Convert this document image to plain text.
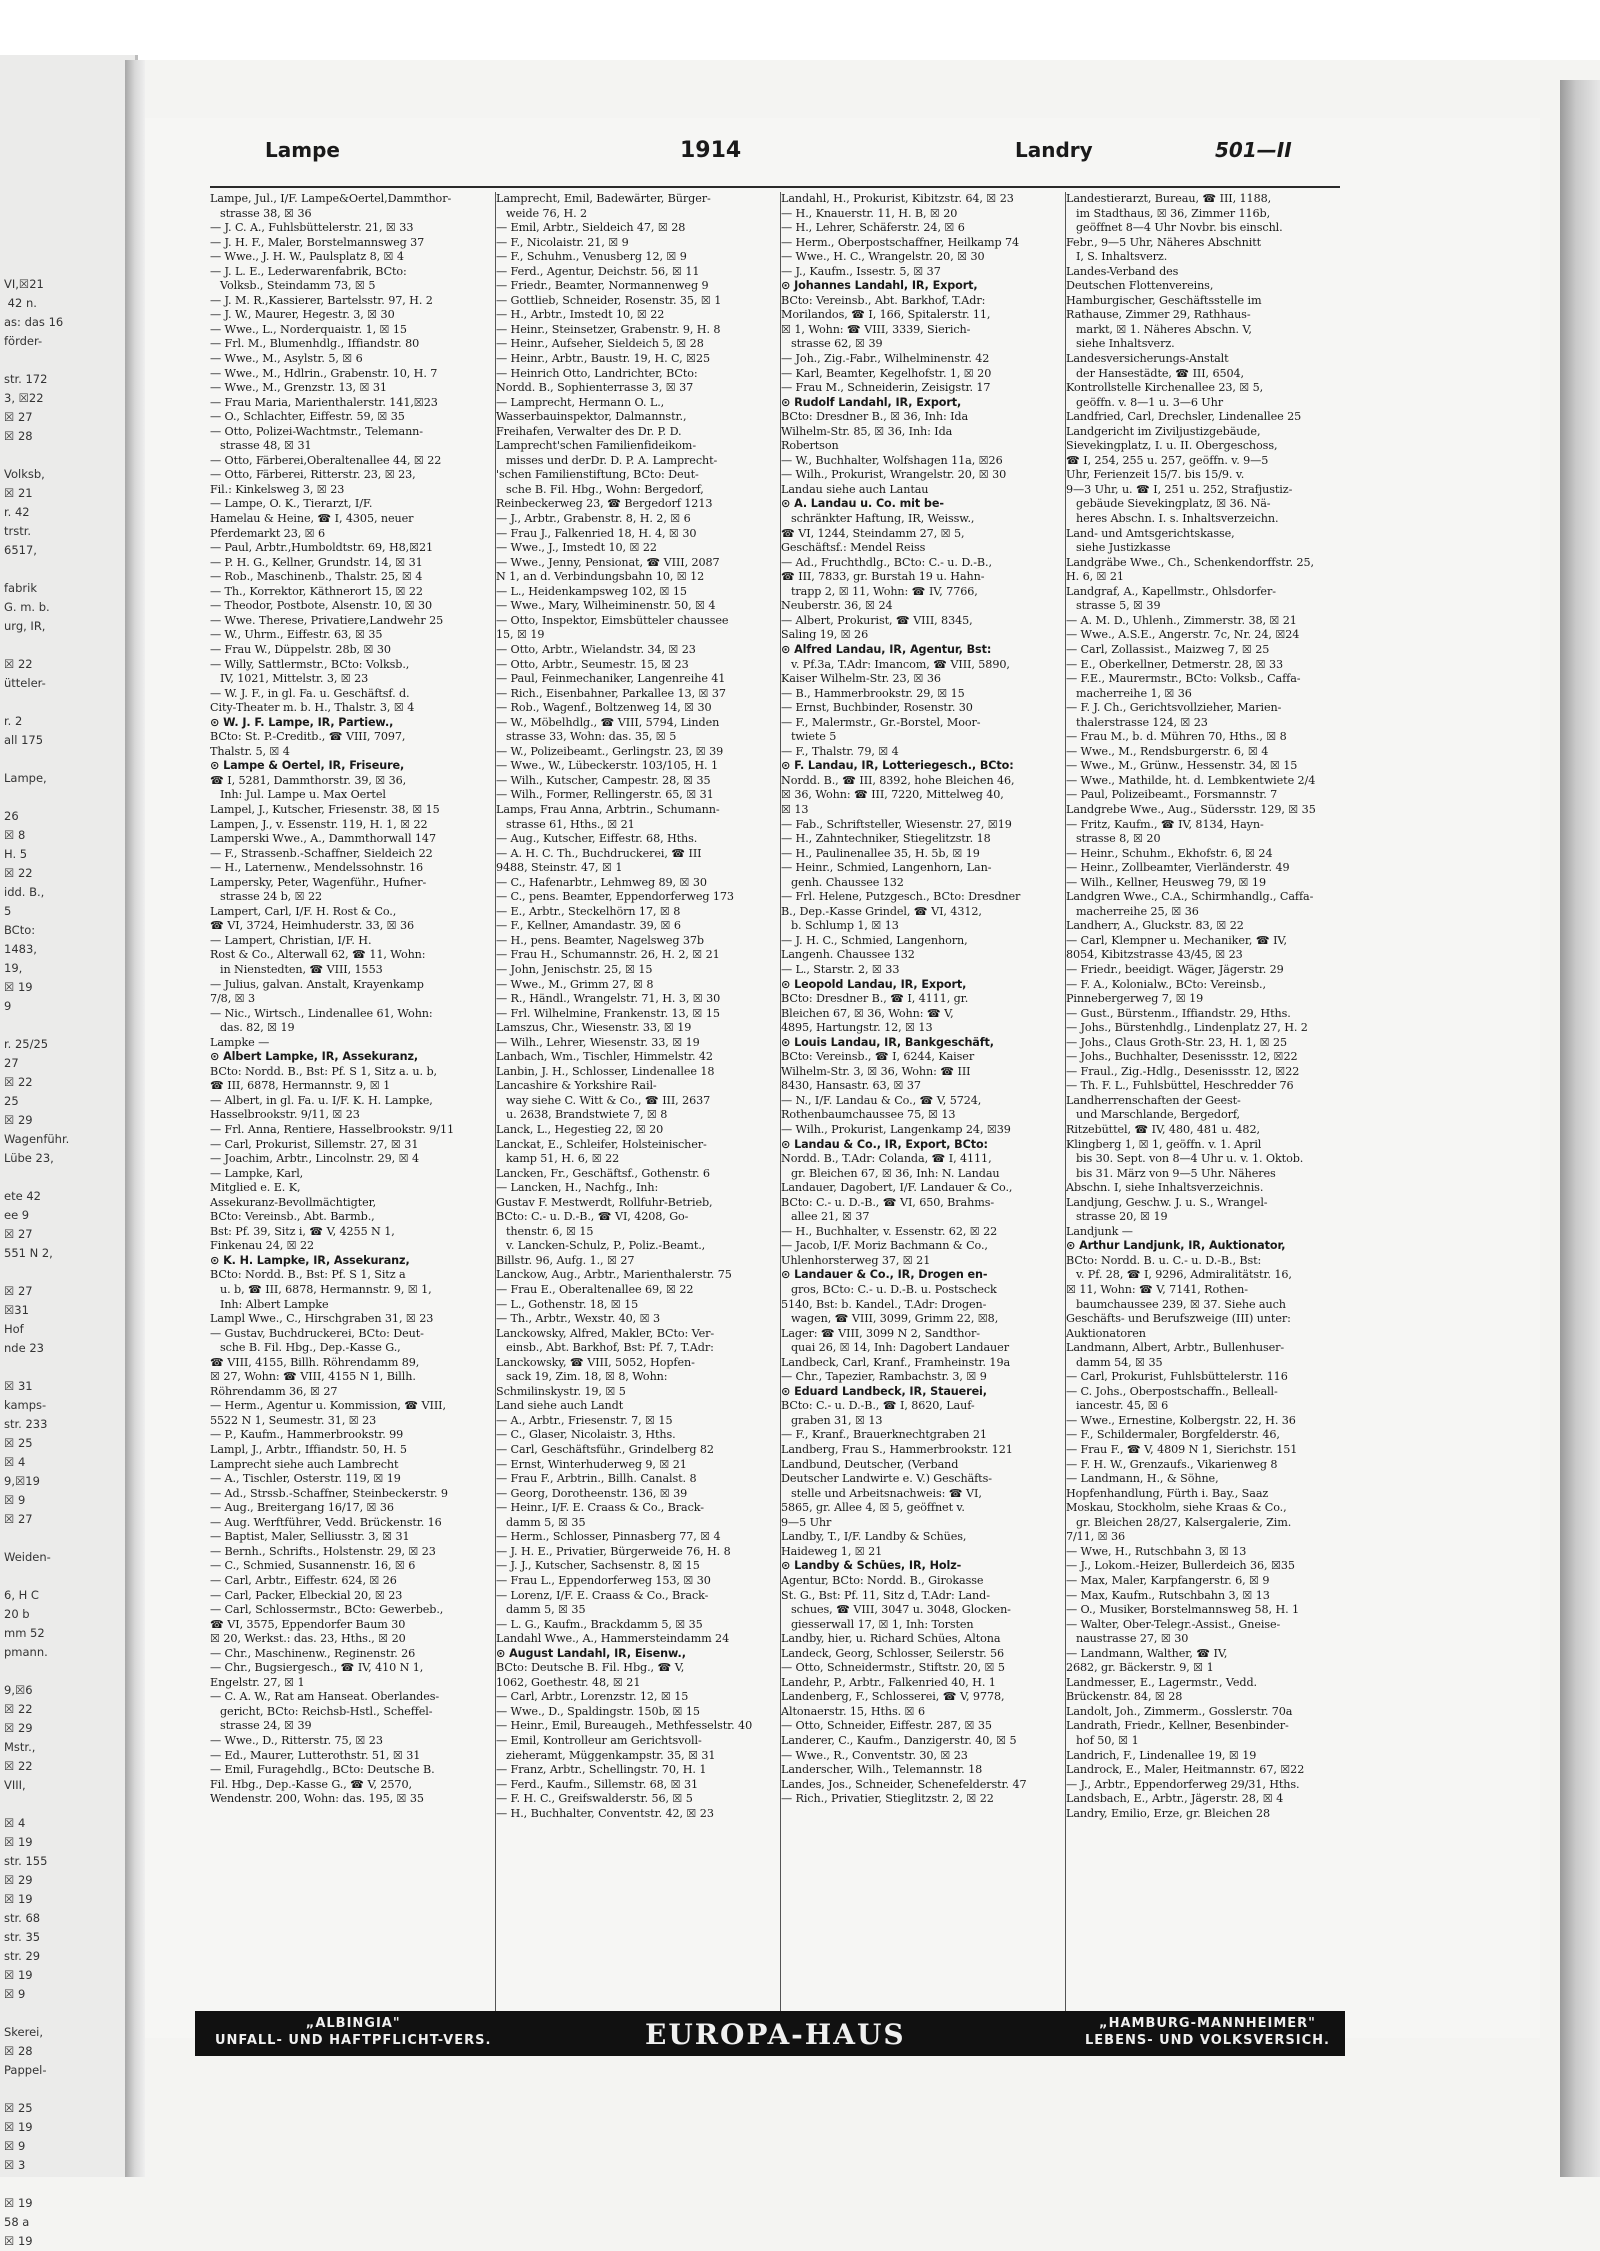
VI,☒21
42 n.
as: das 16
förder-

str. 172
3, ☒22
☒ 27
☒ 28

Volksb,
☒ 21
r. 42
trstr.
6517,

fabrik
G. m. b.
urg, IR,

☒ 22
ütteler-

r. 2
all 175

Lampe,

26
☒ 8
H. 5
☒ 22
idd. B.,
5
BCto:
1483,
19,
☒ 19
9

r. 25/25
27
☒ 22
25
☒ 29
Wagenführ.
Lübe 23,

ete 42
ee 9
☒ 27
551 N 2,

☒ 27
☒31
Hof
nde 23

☒ 31
kamps-
str. 233
☒ 25
☒ 4
9,☒19
☒ 9
☒ 27

Weiden-

6, H C
20 b
mm 52
pmann.

9,☒6
☒ 22
☒ 29
Mstr.,
☒ 22
VIII,

☒ 4
☒ 19
str. 155
☒ 29
☒ 19
str. 68
str. 35
str. 29
☒ 19
☒ 9

Skerei,
☒ 28
Pappel-

☒ 25
☒ 19
☒ 9
☒ 3

☒ 19
58 a
☒ 19
Lampe	1914	Landry	501—II
Lampe, Jul., I/F. Lampe&Oertel,Dammthor-
strasse 38, ☒ 36
— J. C. A., Fuhlsbüttelerstr. 21, ☒ 33
— J. H. F., Maler, Borstelmannsweg 37
— Wwe., J. H. W., Paulsplatz 8, ☒ 4
— J. L. E., Lederwarenfabrik, BCto:
Volksb., Steindamm 73, ☒ 5
— J. M. R.,Kassierer, Bartelsstr. 97, H. 2
— J. W., Maurer, Hegestr. 3, ☒ 30
— Wwe., L., Norderquaistr. 1, ☒ 15
— Frl. M., Blumenhdlg., Iffiandstr. 80
— Wwe., M., Asylstr. 5, ☒ 6
— Wwe., M., Hdlrin., Grabenstr. 10, H. 7
— Wwe., M., Grenzstr. 13, ☒ 31
— Frau Maria, Marienthalerstr. 141,☒23
— O., Schlachter, Eiffestr. 59, ☒ 35
— Otto, Polizei-Wachtmstr., Telemann-
strasse 48, ☒ 31
— Otto, Färberei,Oberaltenallee 44, ☒ 22
— Otto, Färberei, Ritterstr. 23, ☒ 23,
Fil.: Kinkelsweg 3, ☒ 23
— Lampe, O. K., Tierarzt, I/F.
Hamelau & Heine, ☎ I, 4305, neuer
Pferdemarkt 23, ☒ 6
— Paul, Arbtr.,Humboldtstr. 69, H8,☒21
— P. H. G., Kellner, Grundstr. 14, ☒ 31
— Rob., Maschinenb., Thalstr. 25, ☒ 4
— Th., Korrektor, Käthnerort 15, ☒ 22
— Theodor, Postbote, Alsenstr. 10, ☒ 30
— Wwe. Therese, Privatiere,Landwehr 25
— W., Uhrm., Eiffestr. 63, ☒ 35
— Frau W., Düppelstr. 28b, ☒ 30
— Willy, Sattlermstr., BCto: Volksb.,
IV, 1021, Mittelstr. 3, ☒ 23
— W. J. F., in gl. Fa. u. Geschäftsf. d.
City-Theater m. b. H., Thalstr. 3, ☒ 4
⊙ W. J. F. Lampe, IR, Partiew.,
BCto: St. P.-Creditb., ☎ VIII, 7097,
Thalstr. 5, ☒ 4
⊙ Lampe & Oertel, IR, Friseure,
☎ I, 5281, Dammthorstr. 39, ☒ 36,
Inh: Jul. Lampe u. Max Oertel
Lampel, J., Kutscher, Friesenstr. 38, ☒ 15
Lampen, J., v. Essenstr. 119, H. 1, ☒ 22
Lamperski Wwe., A., Dammthorwall 147
— F., Strassenb.-Schaffner, Sieldeich 22
— H., Laternenw., Mendelssohnstr. 16
Lampersky, Peter, Wagenführ., Hufner-
strasse 24 b, ☒ 22
Lampert, Carl, I/F. H. Rost & Co.,
☎ VI, 3724, Heimhuderstr. 33, ☒ 36
— Lampert, Christian, I/F. H.
Rost & Co., Alterwall 62, ☎ 11, Wohn:
in Nienstedten, ☎ VIII, 1553
— Julius, galvan. Anstalt, Krayenkamp
7/8, ☒ 3
— Nic., Wirtsch., Lindenallee 61, Wohn:
das. 82, ☒ 19
Lampke —
⊙ Albert Lampke, IR, Assekuranz,
BCto: Nordd. B., Bst: Pf. S 1, Sitz a. u. b,
☎ III, 6878, Hermannstr. 9, ☒ 1
— Albert, in gl. Fa. u. I/F. K. H. Lampke,
Hasselbrookstr. 9/11, ☒ 23
— Frl. Anna, Rentiere, Hasselbrookstr. 9/11
— Carl, Prokurist, Sillemstr. 27, ☒ 31
— Joachim, Arbtr., Lincolnstr. 29, ☒ 4
— Lampke, Karl,
Mitglied e. E. K,
Assekuranz-Bevollmächtigter,
BCto: Vereinsb., Abt. Barmb.,
Bst: Pf. 39, Sitz i, ☎ V, 4255 N 1,
Finkenau 24, ☒ 22
⊙ K. H. Lampke, IR, Assekuranz,
BCto: Nordd. B., Bst: Pf. S 1, Sitz a
u. b, ☎ III, 6878, Hermannstr. 9, ☒ 1,
Inh: Albert Lampke
Lampl Wwe., C., Hirschgraben 31, ☒ 23
— Gustav, Buchdruckerei, BCto: Deut-
sche B. Fil. Hbg., Dep.-Kasse G.,
☎ VIII, 4155, Billh. Röhrendamm 89,
☒ 27, Wohn: ☎ VIII, 4155 N 1, Billh.
Röhrendamm 36, ☒ 27
— Herm., Agentur u. Kommission, ☎ VIII,
5522 N 1, Seumestr. 31, ☒ 23
— P., Kaufm., Hammerbrookstr. 99
Lampl, J., Arbtr., Iffiandstr. 50, H. 5
Lamprecht siehe auch Lambrecht
— A., Tischler, Osterstr. 119, ☒ 19
— Ad., Strssb.-Schaffner, Steinbeckerstr. 9
— Aug., Breitergang 16/17, ☒ 36
— Aug. Werftführer, Vedd. Brückenstr. 16
— Baptist, Maler, Selliusstr. 3, ☒ 31
— Bernh., Schrifts., Holstenstr. 29, ☒ 23
— C., Schmied, Susannenstr. 16, ☒ 6
— Carl, Arbtr., Eiffestr. 624, ☒ 26
— Carl, Packer, Elbeckial 20, ☒ 23
— Carl, Schlossermstr., BCto: Gewerbeb.,
☎ VI, 3575, Eppendorfer Baum 30
☒ 20, Werkst.: das. 23, Hths., ☒ 20
— Chr., Maschinenw., Reginenstr. 26
— Chr., Bugsiergesch., ☎ IV, 410 N 1,
Engelstr. 27, ☒ 1
— C. A. W., Rat am Hanseat. Oberlandes-
gericht, BCto: Reichsb-Hstl., Scheffel-
strasse 24, ☒ 39
— Wwe., D., Ritterstr. 75, ☒ 23
— Ed., Maurer, Lutterothstr. 51, ☒ 31
— Emil, Furagehdlg., BCto: Deutsche B.
Fil. Hbg., Dep.-Kasse G., ☎ V, 2570,
Wendenstr. 200, Wohn: das. 195, ☒ 35
Lamprecht, Emil, Badewärter, Bürger-
weide 76, H. 2
— Emil, Arbtr., Sieldeich 47, ☒ 28
— F., Nicolaistr. 21, ☒ 9
— F., Schuhm., Venusberg 12, ☒ 9
— Ferd., Agentur, Deichstr. 56, ☒ 11
— Friedr., Beamter, Normannenweg 9
— Gottlieb, Schneider, Rosenstr. 35, ☒ 1
— H., Arbtr., Imstedt 10, ☒ 22
— Heinr., Steinsetzer, Grabenstr. 9, H. 8
— Heinr., Aufseher, Sieldeich 5, ☒ 28
— Heinr., Arbtr., Baustr. 19, H. C, ☒25
— Heinrich Otto, Landrichter, BCto:
Nordd. B., Sophienterrasse 3, ☒ 37
— Lamprecht, Hermann O. L.,
Wasserbauinspektor, Dalmannstr.,
Freihafen, Verwalter des Dr. P. D.
Lamprecht'schen Familienfideikom-
misses und derDr. D. P. A. Lamprecht-
'schen Familienstiftung, BCto: Deut-
sche B. Fil. Hbg., Wohn: Bergedorf,
Reinbeckerweg 23, ☎ Bergedorf 1213
— J., Arbtr., Grabenstr. 8, H. 2, ☒ 6
— Frau J., Falkenried 18, H. 4, ☒ 30
— Wwe., J., Imstedt 10, ☒ 22
— Wwe., Jenny, Pensionat, ☎ VIII, 2087
N 1, an d. Verbindungsbahn 10, ☒ 12
— L., Heidenkampsweg 102, ☒ 15
— Wwe., Mary, Wilheiminenstr. 50, ☒ 4
— Otto, Inspektor, Eimsbütteler chaussee
15, ☒ 19
— Otto, Arbtr., Wielandstr. 34, ☒ 23
— Otto, Arbtr., Seumestr. 15, ☒ 23
— Paul, Feinmechaniker, Langenreihe 41
— Rich., Eisenbahner, Parkallee 13, ☒ 37
— Rob., Wagenf., Boltzenweg 14, ☒ 30
— W., Möbelhdlg., ☎ VIII, 5794, Linden
strasse 33, Wohn: das. 35, ☒ 5
— W., Polizeibeamt., Gerlingstr. 23, ☒ 39
— Wwe., W., Lübeckerstr. 103/105, H. 1
— Wilh., Kutscher, Campestr. 28, ☒ 35
— Wilh., Former, Rellingerstr. 65, ☒ 31
Lamps, Frau Anna, Arbtrin., Schumann-
strasse 61, Hths., ☒ 21
— Aug., Kutscher, Eiffestr. 68, Hths.
— A. H. C. Th., Buchdruckerei, ☎ III
9488, Steinstr. 47, ☒ 1
— C., Hafenarbtr., Lehmweg 89, ☒ 30
— C., pens. Beamter, Eppendorferweg 173
— E., Arbtr., Steckelhörn 17, ☒ 8
— F., Kellner, Amandastr. 39, ☒ 6
— H., pens. Beamter, Nagelsweg 37b
— Frau H., Schumannstr. 26, H. 2, ☒ 21
— John, Jenischstr. 25, ☒ 15
— Wwe., M., Grimm 27, ☒ 8
— R., Händl., Wrangelstr. 71, H. 3, ☒ 30
— Frl. Wilhelmine, Frankenstr. 13, ☒ 15
Lamszus, Chr., Wiesenstr. 33, ☒ 19
— Wilh., Lehrer, Wiesenstr. 33, ☒ 19
Lanbach, Wm., Tischler, Himmelstr. 42
Lanbin, J. H., Schlosser, Lindenallee 18
Lancashire & Yorkshire Rail-
way siehe C. Witt & Co., ☎ III, 2637
u. 2638, Brandstwiete 7, ☒ 8
Lanck, L., Hegestieg 22, ☒ 20
Lanckat, E., Schleifer, Holsteinischer-
kamp 51, H. 6, ☒ 22
Lancken, Fr., Geschäftsf., Gothenstr. 6
— Lancken, H., Nachfg., Inh:
Gustav F. Mestwerdt, Rollfuhr-Betrieb,
BCto: C.- u. D.-B., ☎ VI, 4208, Go-
thenstr. 6, ☒ 15
v. Lancken-Schulz, P., Poliz.-Beamt.,
Billstr. 96, Aufg. 1., ☒ 27
Lanckow, Aug., Arbtr., Marienthalerstr. 75
— Frau E., Oberaltenallee 69, ☒ 22
— L., Gothenstr. 18, ☒ 15
— Th., Arbtr., Wexstr. 40, ☒ 3
Lanckowsky, Alfred, Makler, BCto: Ver-
einsb., Abt. Barkhof, Bst: Pf. 7, T.Adr:
Lanckowsky, ☎ VIII, 5052, Hopfen-
sack 19, Zim. 18, ☒ 8, Wohn:
Schmilinskystr. 19, ☒ 5
Land siehe auch Landt
— A., Arbtr., Friesenstr. 7, ☒ 15
— C., Glaser, Nicolaistr. 3, Hths.
— Carl, Geschäftsführ., Grindelberg 82
— Ernst, Winterhuderweg 9, ☒ 21
— Frau F., Arbtrin., Billh. Canalst. 8
— Georg, Dorotheenstr. 136, ☒ 39
— Heinr., I/F. E. Craass & Co., Brack-
damm 5, ☒ 35
— Herm., Schlosser, Pinnasberg 77, ☒ 4
— J. H. E., Privatier, Bürgerweide 76, H. 8
— J. J., Kutscher, Sachsenstr. 8, ☒ 15
— Frau L., Eppendorferweg 153, ☒ 30
— Lorenz, I/F. E. Craass & Co., Brack-
damm 5, ☒ 35
— L. G., Kaufm., Brackdamm 5, ☒ 35
Landahl Wwe., A., Hammersteindamm 24
⊙ August Landahl, IR, Eisenw.,
BCto: Deutsche B. Fil. Hbg., ☎ V,
1062, Goethestr. 48, ☒ 21
— Carl, Arbtr., Lorenzstr. 12, ☒ 15
— Wwe., D., Spaldingstr. 150b, ☒ 15
— Heinr., Emil, Bureaugeh., Methfesselstr. 40
— Emil, Kontrolleur am Gerichtsvoll-
zieheramt, Müggenkampstr. 35, ☒ 31
— Franz, Arbtr., Schellingstr. 70, H. 1
— Ferd., Kaufm., Sillemstr. 68, ☒ 31
— F. H. C., Greifswalderstr. 56, ☒ 5
— H., Buchhalter, Conventstr. 42, ☒ 23
Landahl, H., Prokurist, Kibitzstr. 64, ☒ 23
— H., Knauerstr. 11, H. B, ☒ 20
— H., Lehrer, Schäferstr. 24, ☒ 6
— Herm., Oberpostschaffner, Heilkamp 74
— Wwe., H. C., Wrangelstr. 20, ☒ 30
— J., Kaufm., Issestr. 5, ☒ 37
⊙ Johannes Landahl, IR, Export,
BCto: Vereinsb., Abt. Barkhof, T.Adr:
Morilandos, ☎ I, 166, Spitalerstr. 11,
☒ 1, Wohn: ☎ VIII, 3339, Sierich-
strasse 62, ☒ 39
— Joh., Zig.-Fabr., Wilhelminenstr. 42
— Karl, Beamter, Kegelhofstr. 1, ☒ 20
— Frau M., Schneiderin, Zeisigstr. 17
⊙ Rudolf Landahl, IR, Export,
BCto: Dresdner B., ☒ 36, Inh: Ida
Wilhelm-Str. 85, ☒ 36, Inh: Ida
Robertson
— W., Buchhalter, Wolfshagen 11a, ☒26
— Wilh., Prokurist, Wrangelstr. 20, ☒ 30
Landau siehe auch Lantau
⊙ A. Landau u. Co. mit be-
schränkter Haftung, IR, Weissw.,
☎ VI, 1244, Steindamm 27, ☒ 5,
Geschäftsf.: Mendel Reiss
— Ad., Fruchthdlg., BCto: C.- u. D.-B.,
☎ III, 7833, gr. Burstah 19 u. Hahn-
trapp 2, ☒ 11, Wohn: ☎ IV, 7766,
Neuberstr. 36, ☒ 24
— Albert, Prokurist, ☎ VIII, 8345,
Saling 19, ☒ 26
⊙ Alfred Landau, IR, Agentur, Bst:
v. Pf.3a, T.Adr: Imancom, ☎ VIII, 5890,
Kaiser Wilhelm-Str. 23, ☒ 36
— B., Hammerbrookstr. 29, ☒ 15
— Ernst, Buchbinder, Rosenstr. 30
— F., Malermstr., Gr.-Borstel, Moor-
twiete 5
— F., Thalstr. 79, ☒ 4
⊙ F. Landau, IR, Lotteriegesch., BCto:
Nordd. B., ☎ III, 8392, hohe Bleichen 46,
☒ 36, Wohn: ☎ III, 7220, Mittelweg 40,
☒ 13
— Fab., Schriftsteller, Wiesenstr. 27, ☒19
— H., Zahntechniker, Stiegelitzstr. 18
— H., Paulinenallee 35, H. 5b, ☒ 19
— Heinr., Schmied, Langenhorn, Lan-
genh. Chaussee 132
— Frl. Helene, Putzgesch., BCto: Dresdner
B., Dep.-Kasse Grindel, ☎ VI, 4312,
b. Schlump 1, ☒ 13
— J. H. C., Schmied, Langenhorn,
Langenh. Chaussee 132
— L., Starstr. 2, ☒ 33
⊙ Leopold Landau, IR, Export,
BCto: Dresdner B., ☎ I, 4111, gr.
Bleichen 67, ☒ 36, Wohn: ☎ V,
4895, Hartungstr. 12, ☒ 13
⊙ Louis Landau, IR, Bankgeschäft,
BCto: Vereinsb., ☎ I, 6244, Kaiser
Wilhelm-Str. 3, ☒ 36, Wohn: ☎ III
8430, Hansastr. 63, ☒ 37
— N., I/F. Landau & Co., ☎ V, 5724,
Rothenbaumchaussee 75, ☒ 13
— Wilh., Prokurist, Langenkamp 24, ☒39
⊙ Landau & Co., IR, Export, BCto:
Nordd. B., T.Adr: Colanda, ☎ I, 4111,
gr. Bleichen 67, ☒ 36, Inh: N. Landau
Landauer, Dagobert, I/F. Landauer & Co.,
BCto: C.- u. D.-B., ☎ VI, 650, Brahms-
allee 21, ☒ 37
— H., Buchhalter, v. Essenstr. 62, ☒ 22
— Jacob, I/F. Moriz Bachmann & Co.,
Uhlenhorsterweg 37, ☒ 21
⊙ Landauer & Co., IR, Drogen en-
gros, BCto: C.- u. D.-B. u. Postscheck
5140, Bst: b. Kandel., T.Adr: Drogen-
wagen, ☎ VIII, 3099, Grimm 22, ☒8,
Lager: ☎ VIII, 3099 N 2, Sandthor-
quai 26, ☒ 14, Inh: Dagobert Landauer
Landbeck, Carl, Kranf., Framheinstr. 19a
— Chr., Tapezier, Rambachstr. 3, ☒ 9
⊙ Eduard Landbeck, IR, Stauerei,
BCto: C.- u. D.-B., ☎ I, 8620, Lauf-
graben 31, ☒ 13
— F., Kranf., Brauerknechtgraben 21
Landberg, Frau S., Hammerbrookstr. 121
Landbund, Deutscher, (Verband
Deutscher Landwirte e. V.) Geschäfts-
stelle und Arbeitsnachweis: ☎ VI,
5865, gr. Allee 4, ☒ 5, geöffnet v.
9—5 Uhr
Landby, T., I/F. Landby & Schües,
Haideweg 1, ☒ 21
⊙ Landby & Schües, IR, Holz-
Agentur, BCto: Nordd. B., Girokasse
St. G., Bst: Pf. 11, Sitz d, T.Adr: Land-
schues, ☎ VIII, 3047 u. 3048, Glocken-
giesserwall 17, ☒ 1, Inh: Torsten
Landby, hier, u. Richard Schües, Altona
Landeck, Georg, Schlosser, Seilerstr. 56
— Otto, Schneidermstr., Stiftstr. 20, ☒ 5
Landehr, P., Arbtr., Falkenried 40, H. 1
Landenberg, F., Schlosserei, ☎ V, 9778,
Altonaerstr. 15, Hths. ☒ 6
— Otto, Schneider, Eiffestr. 287, ☒ 35
Landerer, C., Kaufm., Danzigerstr. 40, ☒ 5
— Wwe., R., Conventstr. 30, ☒ 23
Landerscher, Wilh., Telemannstr. 18
Landes, Jos., Schneider, Schenefelderstr. 47
— Rich., Privatier, Stieglitzstr. 2, ☒ 22
Landestierarzt, Bureau, ☎ III, 1188,
im Stadthaus, ☒ 36, Zimmer 116b,
geöffnet 8—4 Uhr Novbr. bis einschl.
Febr., 9—5 Uhr, Näheres Abschnitt
I, S. Inhaltsverz.
Landes-Verband des
Deutschen Flottenvereins,
Hamburgischer, Geschäftsstelle im
Rathause, Zimmer 29, Rathhaus-
markt, ☒ 1. Näheres Abschn. V,
siehe Inhaltsverz.
Landesversicherungs-Anstalt
der Hansestädte, ☎ III, 6504,
Kontrollstelle Kirchenallee 23, ☒ 5,
geöffn. v. 8—1 u. 3—6 Uhr
Landfried, Carl, Drechsler, Lindenallee 25
Landgericht im Ziviljustizgebäude,
Sievekingplatz, I. u. II. Obergeschoss,
☎ I, 254, 255 u. 257, geöffn. v. 9—5
Uhr, Ferienzeit 15/7. bis 15/9. v.
9—3 Uhr, u. ☎ I, 251 u. 252, Strafjustiz-
gebäude Sievekingplatz, ☒ 36. Nä-
heres Abschn. I. s. Inhaltsverzeichn.
Land- und Amtsgerichtskasse,
siehe Justizkasse
Landgräbe Wwe., Ch., Schenkendorffstr. 25,
H. 6, ☒ 21
Landgraf, A., Kapellmstr., Ohlsdorfer-
strasse 5, ☒ 39
— A. M. D., Uhlenh., Zimmerstr. 38, ☒ 21
— Wwe., A.S.E., Angerstr. 7c, Nr. 24, ☒24
— Carl, Zollassist., Maizweg 7, ☒ 25
— E., Oberkellner, Detmerstr. 28, ☒ 33
— F.E., Maurermstr., BCto: Volksb., Caffa-
macherreihe 1, ☒ 36
— F. J. Ch., Gerichtsvollzieher, Marien-
thalerstrasse 124, ☒ 23
— Frau M., b. d. Mühren 70, Hths., ☒ 8
— Wwe., M., Rendsburgerstr. 6, ☒ 4
— Wwe., M., Grünw., Hessenstr. 34, ☒ 15
— Wwe., Mathilde, ht. d. Lembkentwiete 2/4
— Paul, Polizeibeamt., Forsmannstr. 7
Landgrebe Wwe., Aug., Südersstr. 129, ☒ 35
— Fritz, Kaufm., ☎ IV, 8134, Hayn-
strasse 8, ☒ 20
— Heinr., Schuhm., Ekhofstr. 6, ☒ 24
— Heinr., Zollbeamter, Vierländerstr. 49
— Wilh., Kellner, Heusweg 79, ☒ 19
Landgren Wwe., C.A., Schirmhandlg., Caffa-
macherreihe 25, ☒ 36
Landherr, A., Gluckstr. 83, ☒ 22
— Carl, Klempner u. Mechaniker, ☎ IV,
8054, Kibitzstrasse 43/45, ☒ 23
— Friedr., beeidigt. Wäger, Jägerstr. 29
— F. A., Kolonialw., BCto: Vereinsb.,
Pinnebergerweg 7, ☒ 19
— Gust., Bürstenm., Iffiandstr. 29, Hths.
— Johs., Bürstenhdlg., Lindenplatz 27, H. 2
— Johs., Claus Groth-Str. 23, H. 1, ☒ 25
— Johs., Buchhalter, Desenissstr. 12, ☒22
— Fraul., Zig.-Hdlg., Desenissstr. 12, ☒22
— Th. F. L., Fuhlsbüttel, Heschredder 76
Landherrenschaften der Geest-
und Marschlande, Bergedorf,
Ritzebüttel, ☎ IV, 480, 481 u. 482,
Klingberg 1, ☒ 1, geöffn. v. 1. April
bis 30. Sept. von 8—4 Uhr u. v. 1. Oktob.
bis 31. März von 9—5 Uhr. Näheres
Abschn. I, siehe Inhaltsverzeichnis.
Landjung, Geschw. J. u. S., Wrangel-
strasse 20, ☒ 19
Landjunk —
⊙ Arthur Landjunk, IR, Auktionator,
BCto: Nordd. B. u. C.- u. D.-B., Bst:
v. Pf. 28, ☎ I, 9296, Admiralitätstr. 16,
☒ 11, Wohn: ☎ V, 7141, Rothen-
baumchaussee 239, ☒ 37. Siehe auch
Geschäfts- und Berufszweige (III) unter:
Auktionatoren
Landmann, Albert, Arbtr., Bullenhuser-
damm 54, ☒ 35
— Carl, Prokurist, Fuhlsbüttelerstr. 116
— C. Johs., Oberpostschaffn., Belleall-
iancestr. 45, ☒ 6
— Wwe., Ernestine, Kolbergstr. 22, H. 36
— F., Schildermaler, Borgfelderstr. 46,
— Frau F., ☎ V, 4809 N 1, Sierichstr. 151
— F. H. W., Grenzaufs., Vikarienweg 8
— Landmann, H., & Söhne,
Hopfenhandlung, Fürth i. Bay., Saaz
Moskau, Stockholm, siehe Kraas & Co.,
gr. Bleichen 28/27, Kalsergalerie, Zim.
7/11, ☒ 36
— Wwe, H., Rutschbahn 3, ☒ 13
— J., Lokom.-Heizer, Bullerdeich 36, ☒35
— Max, Maler, Karpfangerstr. 6, ☒ 9
— Max, Kaufm., Rutschbahn 3, ☒ 13
— O., Musiker, Borstelmannsweg 58, H. 1
— Walter, Ober-Telegr.-Assist., Gneise-
naustrasse 27, ☒ 30
— Landmann, Walther, ☎ IV,
2682, gr. Bäckerstr. 9, ☒ 1
Landmesser, E., Lagermstr., Vedd.
Brückenstr. 84, ☒ 28
Landolt, Joh., Zimmerm., Gosslerstr. 70a
Landrath, Friedr., Kellner, Besenbinder-
hof 50, ☒ 1
Landrich, F., Lindenallee 19, ☒ 19
Landrock, E., Maler, Heitmannstr. 67, ☒22
— J., Arbtr., Eppendorferweg 29/31, Hths.
Landsbach, E., Arbtr., Jägerstr. 28, ☒ 4
Landry, Emilio, Erze, gr. Bleichen 28
„ALBINGIA"
UNFALL- UND HAFTPFLICHT-VERS.	EUROPA-HAUS	„HAMBURG-MANNHEIMER"
LEBENS- UND VOLKSVERSICH.
